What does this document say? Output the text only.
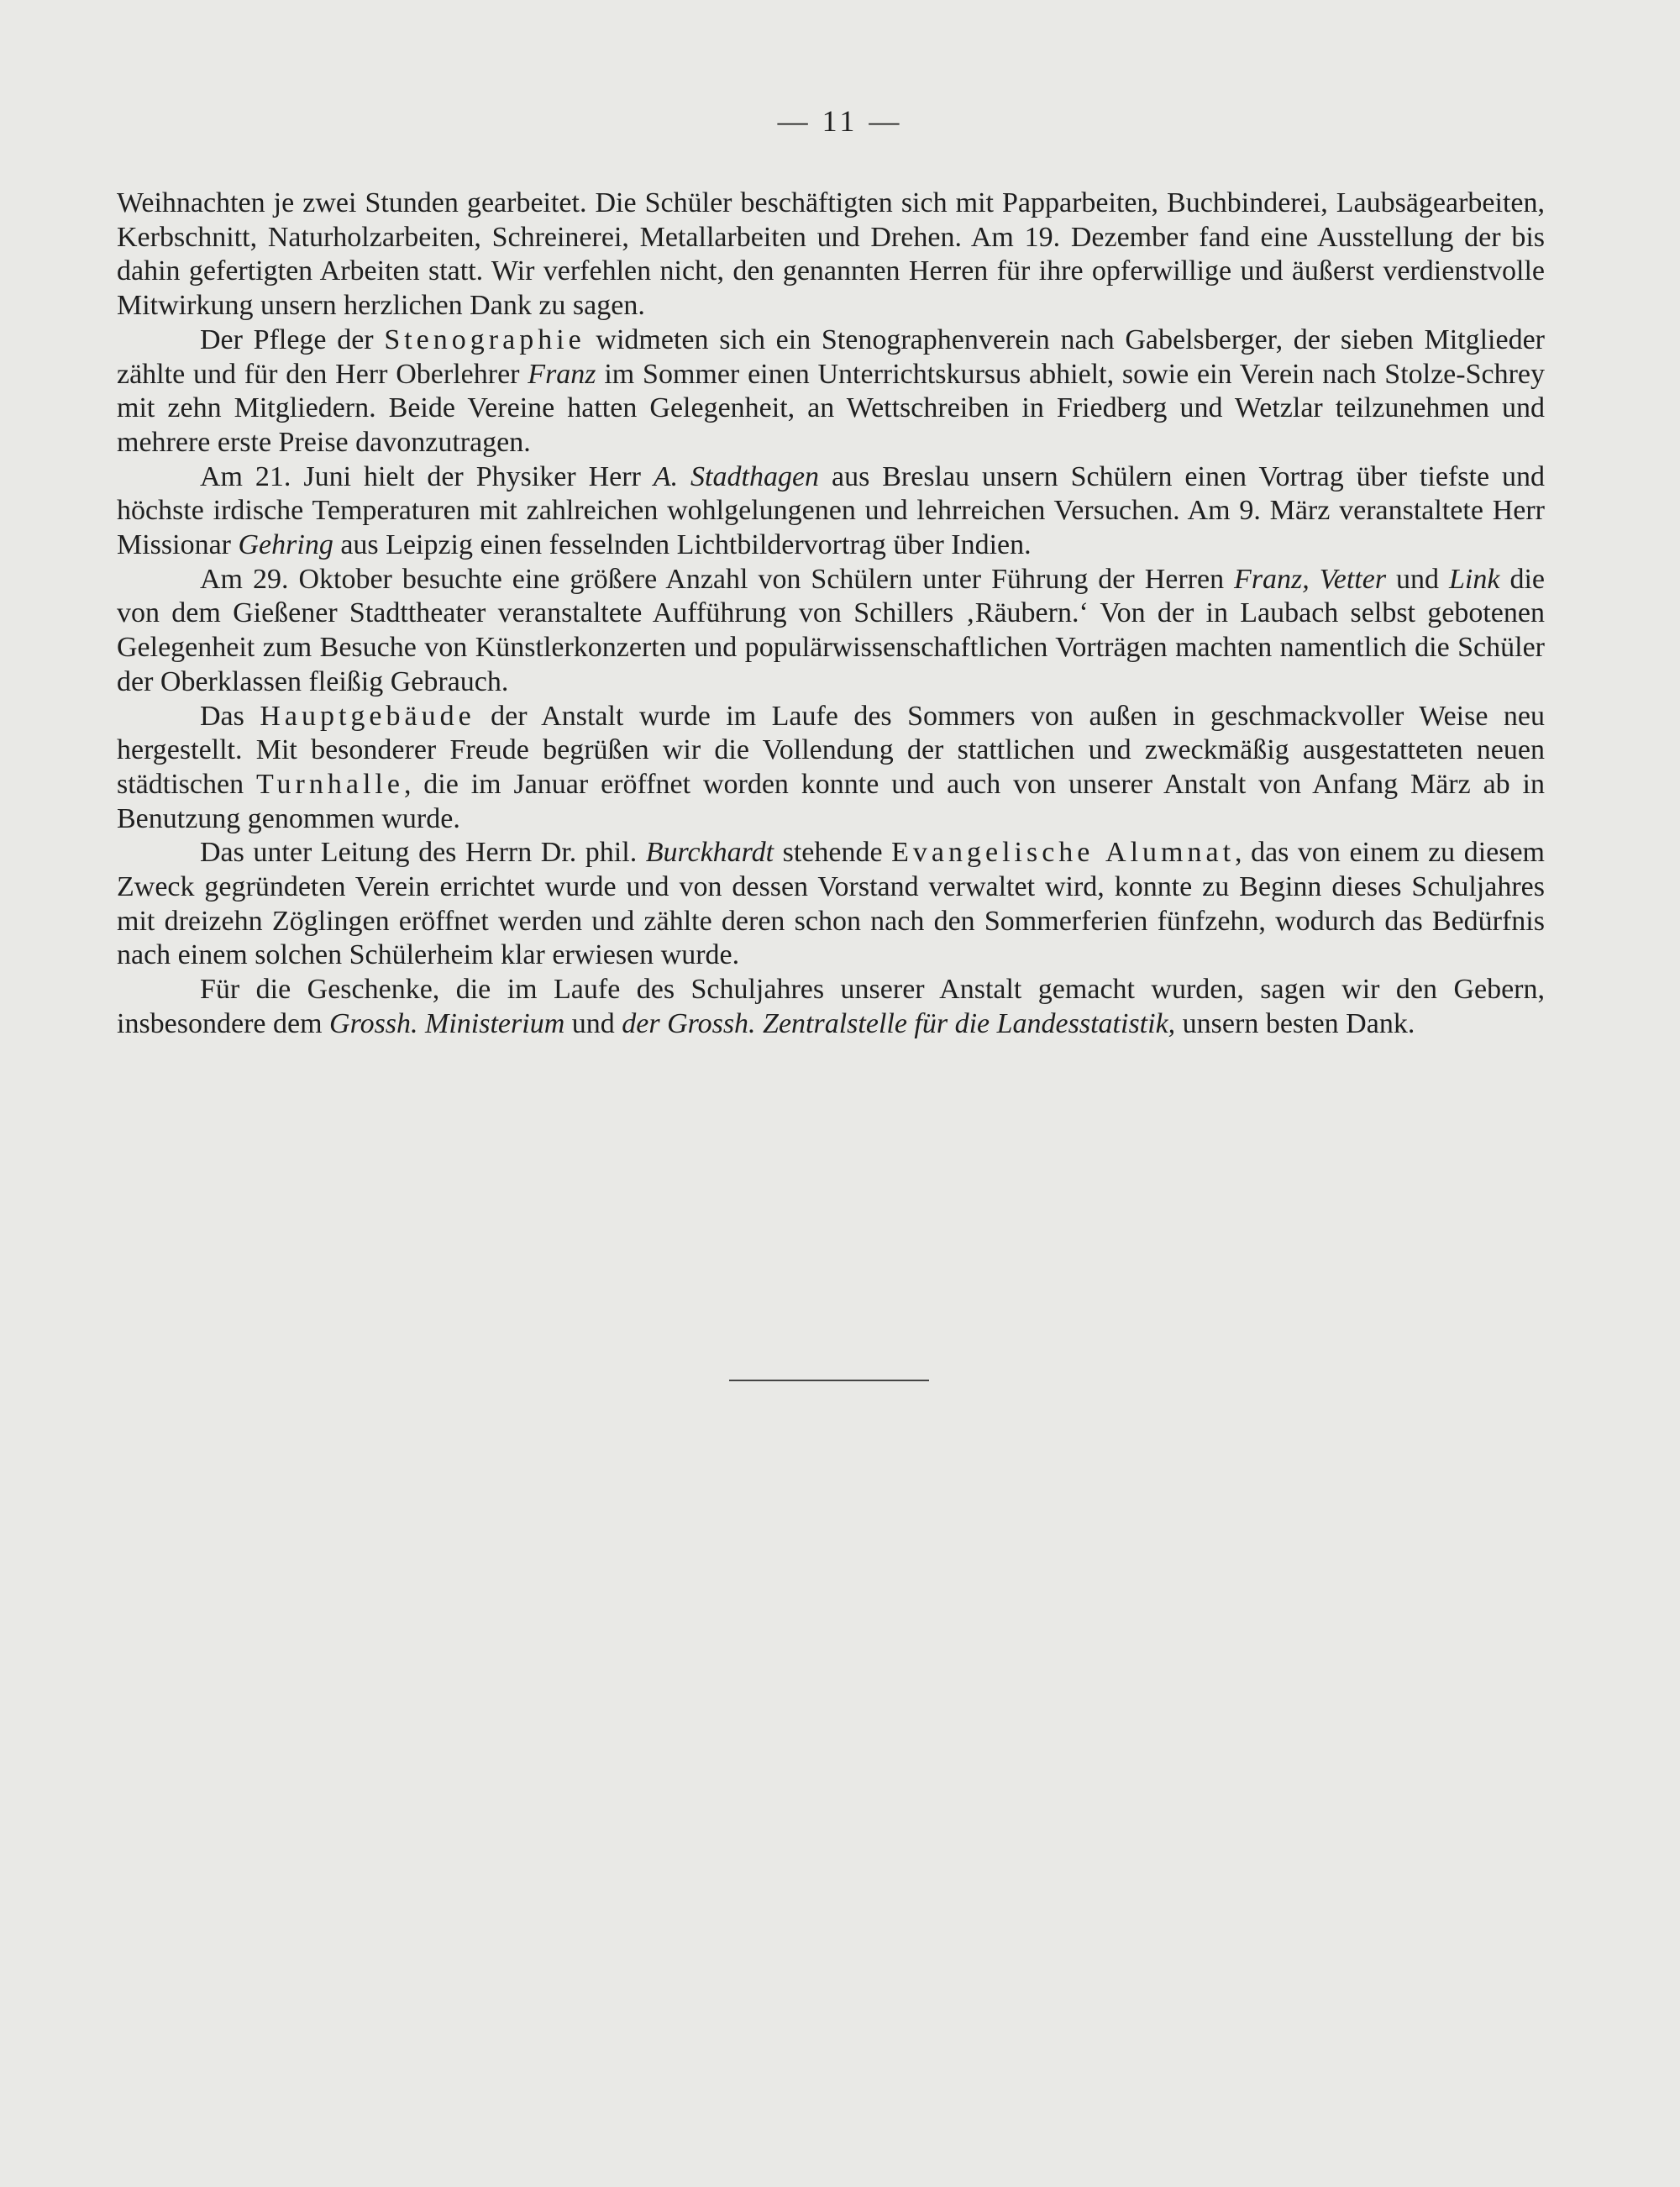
— 11 —

Weihnachten je zwei Stunden gearbeitet. Die Schüler beschäftigten sich mit Papparbeiten, Buchbinderei, Laubsägearbeiten, Kerbschnitt, Naturholzarbeiten, Schreinerei, Metallarbeiten und Drehen. Am 19. Dezember fand eine Ausstellung der bis dahin gefertigten Arbeiten statt. Wir verfehlen nicht, den genannten Herren für ihre opferwillige und äußerst verdienstvolle Mitwirkung unsern herzlichen Dank zu sagen.

Der Pflege der Stenographie widmeten sich ein Stenographenverein nach Gabelsberger, der sieben Mitglieder zählte und für den Herr Oberlehrer Franz im Sommer einen Unterrichtskursus abhielt, sowie ein Verein nach Stolze-Schrey mit zehn Mitgliedern. Beide Vereine hatten Gelegenheit, an Wettschreiben in Friedberg und Wetzlar teilzunehmen und mehrere erste Preise davonzutragen.

Am 21. Juni hielt der Physiker Herr A. Stadthagen aus Breslau unsern Schülern einen Vortrag über tiefste und höchste irdische Temperaturen mit zahlreichen wohlgelungenen und lehrreichen Versuchen. Am 9. März veranstaltete Herr Missionar Gehring aus Leipzig einen fesselnden Lichtbildervortrag über Indien.

Am 29. Oktober besuchte eine größere Anzahl von Schülern unter Führung der Herren Franz, Vetter und Link die von dem Gießener Stadttheater veranstaltete Aufführung von Schillers ‚Räubern.‘ Von der in Laubach selbst gebotenen Gelegenheit zum Besuche von Künstlerkonzerten und populärwissenschaftlichen Vorträgen machten namentlich die Schüler der Oberklassen fleißig Gebrauch.

Das Hauptgebäude der Anstalt wurde im Laufe des Sommers von außen in geschmackvoller Weise neu hergestellt. Mit besonderer Freude begrüßen wir die Vollendung der stattlichen und zweckmäßig ausgestatteten neuen städtischen Turnhalle, die im Januar eröffnet worden konnte und auch von unserer Anstalt von Anfang März ab in Benutzung genommen wurde.

Das unter Leitung des Herrn Dr. phil. Burckhardt stehende Evangelische Alumnat, das von einem zu diesem Zweck gegründeten Verein errichtet wurde und von dessen Vorstand verwaltet wird, konnte zu Beginn dieses Schuljahres mit dreizehn Zöglingen eröffnet werden und zählte deren schon nach den Sommerferien fünfzehn, wodurch das Bedürfnis nach einem solchen Schülerheim klar erwiesen wurde.

Für die Geschenke, die im Laufe des Schuljahres unserer Anstalt gemacht wurden, sagen wir den Gebern, insbesondere dem Grossh. Ministerium und der Grossh. Zentralstelle für die Landesstatistik, unsern besten Dank.
